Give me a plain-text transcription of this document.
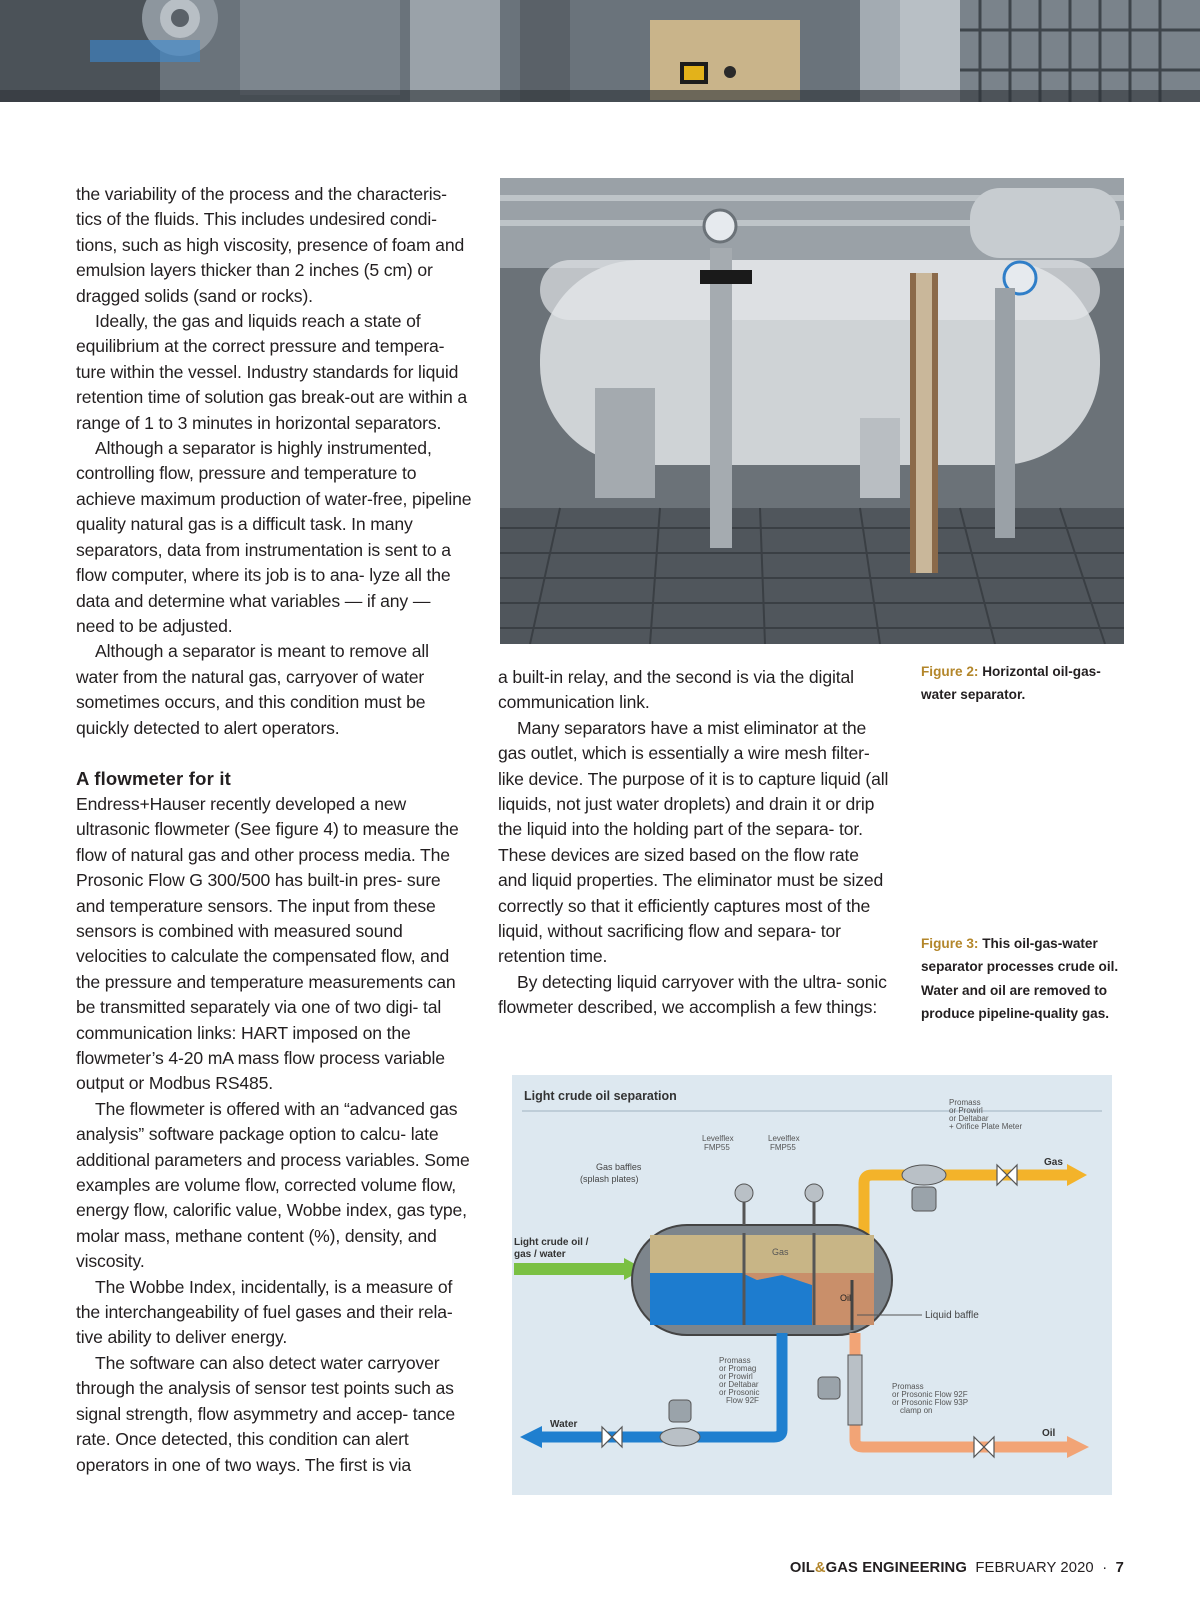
the variability of the process and the characteris- tics of the fluids. This includes undesired condi- tions, such as high viscosity, presence of foam and emulsion layers thicker than 2 inches (5 cm) or dragged solids (sand or rocks).

Ideally, the gas and liquids reach a state of equilibrium at the correct pressure and tempera- ture within the vessel. Industry standards for liquid retention time of solution gas break-out are within a range of 1 to 3 minutes in horizontal separators.

Although a separator is highly instrumented, controlling flow, pressure and temperature to achieve maximum production of water-free, pipeline quality natural gas is a difficult task. In many separators, data from instrumentation is sent to a flow computer, where its job is to ana- lyze all the data and determine what variables — if any — need to be adjusted.

Although a separator is meant to remove all water from the natural gas, carryover of water sometimes occurs, and this condition must be quickly detected to alert operators.

A flowmeter for it

Endress+Hauser recently developed a new ultrasonic flowmeter (See figure 4) to measure the flow of natural gas and other process media. The Prosonic Flow G 300/500 has built-in pres- sure and temperature sensors. The input from these sensors is combined with measured sound velocities to calculate the compensated flow, and the pressure and temperature measurements can be transmitted separately via one of two digi- tal communication links: HART imposed on the flowmeter’s 4-20 mA mass flow process variable output or Modbus RS485.

The flowmeter is offered with an “advanced gas analysis” software package option to calcu- late additional parameters and process variables. Some examples are volume flow, corrected volume flow, energy flow, calorific value, Wobbe index, gas type, molar mass, methane content (%), density, and viscosity.

The Wobbe Index, incidentally, is a measure of the interchangeability of fuel gases and their rela- tive ability to deliver energy.

The software can also detect water carryover through the analysis of sensor test points such as signal strength, flow asymmetry and accep- tance rate. Once detected, this condition can alert operators in one of two ways. The first is via

a built-in relay, and the second is via the digital communication link.

Many separators have a mist eliminator at the gas outlet, which is essentially a wire mesh filter- like device. The purpose of it is to capture liquid (all liquids, not just water droplets) and drain it or drip the liquid into the holding part of the separa- tor. These devices are sized based on the flow rate and liquid properties. The eliminator must be sized correctly so that it efficiently captures most of the liquid, without sacrificing flow and separa- tor retention time.

By detecting liquid carryover with the ultra- sonic flowmeter described, we accomplish a few things:

Figure 2: Horizontal oil-gas-water separator.
Figure 3: This oil-gas-water separator processes crude oil. Water and oil are removed to produce pipeline-quality gas.
Light crude oil separation	Promass
or Prowirl
or Deltabar
+ Orifice Plate Meter
Gas
Light crude oil /
gas / water	Gas
Oil
Liquid baffle
Levelflex
FMP55
Levelflex
FMP55
Gas baffles
(splash plates)
Water
Promass
or Promag
or Prowirl
or Deltabar
or Prosonic
Flow 92F
Promass
or Prosonic Flow 92F
or Prosonic Flow 93P
clamp on
Oil
OIL&GAS ENGINEERING FEBRUARY 2020 · 7
